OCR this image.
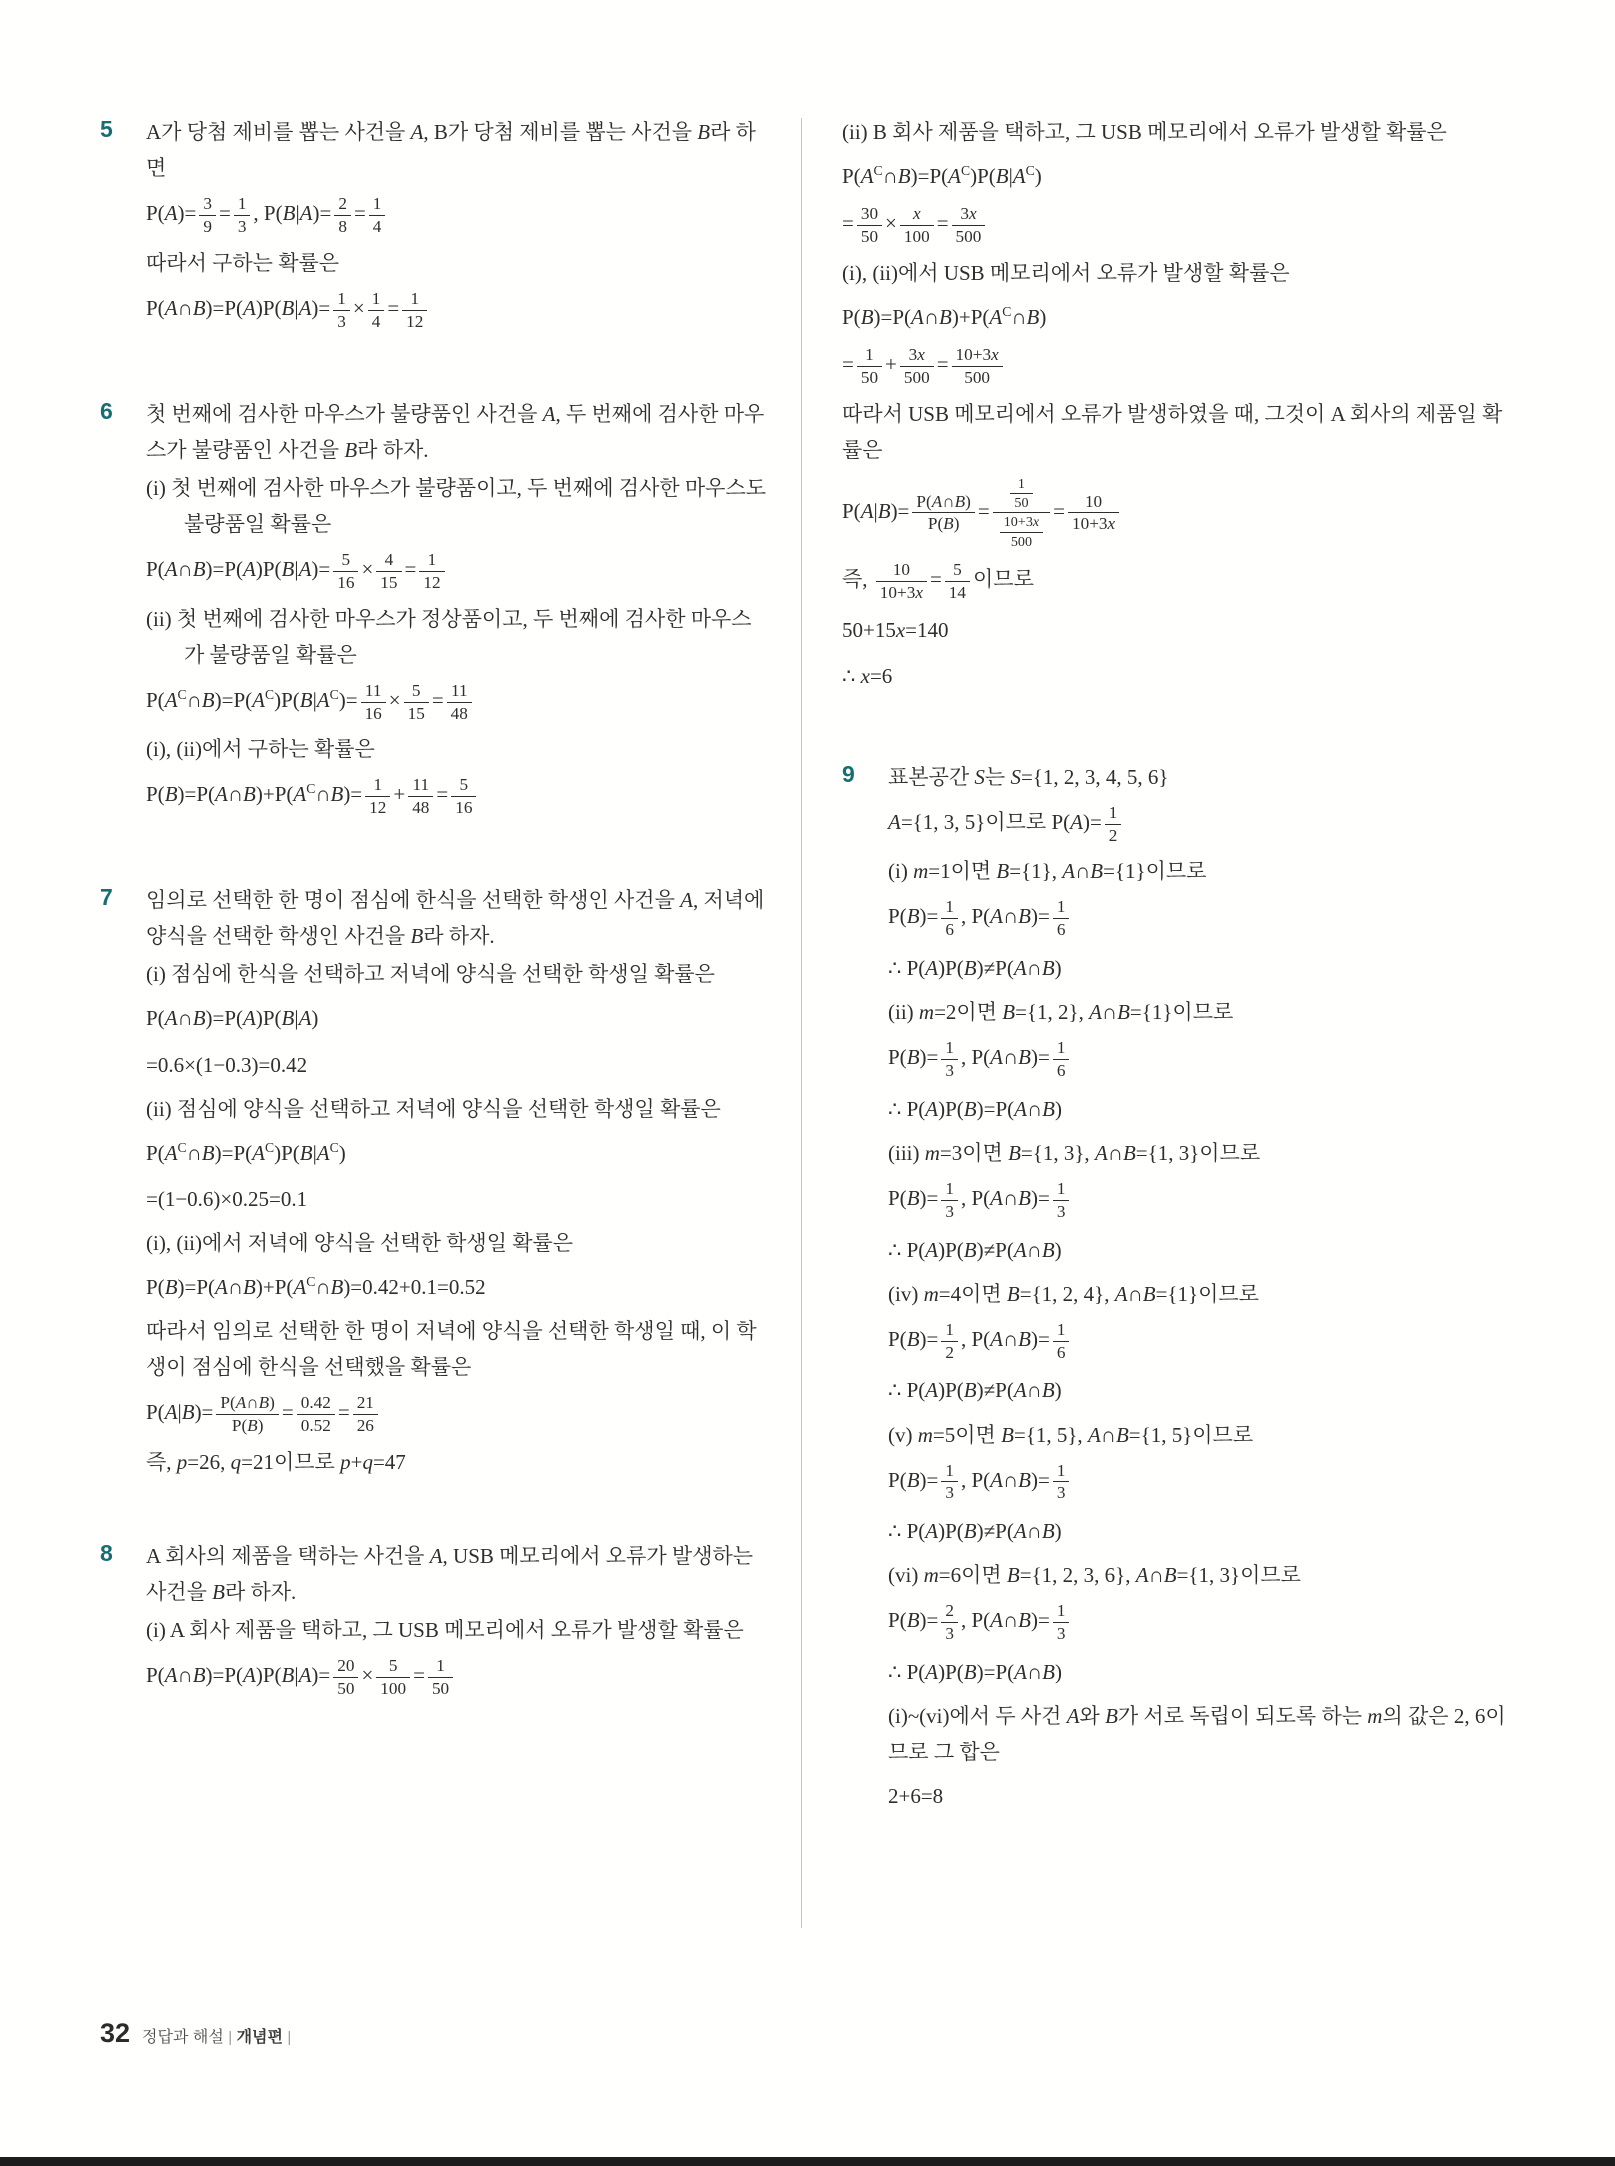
5	A가 당첨 제비를 뽑는 사건을 A, B가 당첨 제비를 뽑는 사건을 B라 하면
$P(A)= \frac{3}{9} = \frac{1}{3}$ , $P(B|A)= \frac{2}{8} = \frac{1}{4}$
따라서 구하는 확률은
P(A∩B)=P(A)P(B|A)= $\frac{1}{3} \times \frac{1}{4} = \frac{1}{12}$
6	첫 번째에 검사한 마우스가 불량품인 사건을 A, 두 번째에 검사한 마우스가 불량품인 사건을 B라 하자.
(i) 첫 번째에 검사한 마우스가 불량품이고, 두 번째에 검사한 마우스도 불량품일 확률은
P(A∩B)=P(A)P(B|A)= $\frac{5}{16} \times \frac{4}{15} = \frac{1}{12}$
(ii) 첫 번째에 검사한 마우스가 정상품이고, 두 번째에 검사한 마우스가 불량품일 확률은
$P(A^C\cap B)=P(A^C)P(B|A^C)= \frac{11}{16} \times \frac{5}{15} = \frac{11}{48}$
(i), (ii)에서 구하는 확률은
$P(B)=P(A\cap B)+P(A^C\cap B)= \frac{1}{12} + \frac{11}{48} = \frac{5}{16}$
7	임의로 선택한 한 명이 점심에 한식을 선택한 학생인 사건을 A, 저녁에 양식을 선택한 학생인 사건을 B라 하자.
(i) 점심에 한식을 선택하고 저녁에 양식을 선택한 학생일 확률은
P(A∩B)=P(A)P(B|A)
=0.6×(1−0.3)=0.42
(ii) 점심에 양식을 선택하고 저녁에 양식을 선택한 학생일 확률은
$P(A^C\cap B)=P(A^C)P(B|A^C)$
=(1−0.6)×0.25=0.1
(i), (ii)에서 저녁에 양식을 선택한 학생일 확률은
$P(B)=P(A\cap B)+P(A^C\cap B)=0.42+0.1=0.52$
따라서 임의로 선택한 한 명이 저녁에 양식을 선택한 학생일 때, 이 학생이 점심에 한식을 선택했을 확률은
$P(A|B)= \frac{P(A\cap B)}{P(B)} = \frac{0.42}{0.52} = \frac{21}{26}$
즉, p=26, q=21이므로 p+q=47
8	A 회사의 제품을 택하는 사건을 A, USB 메모리에서 오류가 발생하는 사건을 B라 하자.
(i) A 회사 제품을 택하고, 그 USB 메모리에서 오류가 발생할 확률은
P(A∩B)=P(A)P(B|A)= $\frac{20}{50} \times \frac{5}{100} = \frac{1}{50}$
(ii) B 회사 제품을 택하고, 그 USB 메모리에서 오류가 발생할 확률은
$P(A^C\cap B)=P(A^C)P(B|A^C)$
= $\frac{30}{50} \times \frac{x}{100} = \frac{3x}{500}$
(i), (ii)에서 USB 메모리에서 오류가 발생할 확률은
$P(B)=P(A\cap B)+P(A^C\cap B)$
= $\frac{1}{50} + \frac{3x}{500} = \frac{10+3x}{500}$
따라서 USB 메모리에서 오류가 발생하였을 때, 그것이 A 회사의 제품일 확률은
$P(A|B)= \frac{P(A\cap B)}{P(B)} = \frac{\frac{1}{50}}{\frac{10+3x}{500}} = \frac{10}{10+3x}$
즉, $\frac{10}{10+3x} = \frac{5}{14}$ 이므로
50+15x=140
∴ x=6
9	표본공간 S는 S={1, 2, 3, 4, 5, 6}
A={1, 3, 5}이므로 $P(A)= \frac{1}{2}$
(i) m=1이면 B={1}, A∩B={1}이므로
$P(B)= \frac{1}{6}$ , P(A∩B)= $\frac{1}{6}$
∴ P(A)P(B)≠P(A∩B)
(ii) m=2이면 B={1, 2}, A∩B={1}이므로
$P(B)= \frac{1}{3}$ , P(A∩B)= $\frac{1}{6}$
∴ P(A)P(B)=P(A∩B)
(iii) m=3이면 B={1, 3}, A∩B={1, 3}이므로
$P(B)= \frac{1}{3}$ , P(A∩B)= $\frac{1}{3}$
∴ P(A)P(B)≠P(A∩B)
(iv) m=4이면 B={1, 2, 4}, A∩B={1}이므로
$P(B)= \frac{1}{2}$ , P(A∩B)= $\frac{1}{6}$
∴ P(A)P(B)≠P(A∩B)
(v) m=5이면 B={1, 5}, A∩B={1, 5}이므로
$P(B)= \frac{1}{3}$ , P(A∩B)= $\frac{1}{3}$
∴ P(A)P(B)≠P(A∩B)
(vi) m=6이면 B={1, 2, 3, 6}, A∩B={1, 3}이므로
$P(B)= \frac{2}{3}$ , P(A∩B)= $\frac{1}{3}$
∴ P(A)P(B)=P(A∩B)
(i)~(vi)에서 두 사건 A와 B가 서로 독립이 되도록 하는 m의 값은 2, 6이므로 그 합은
2+6=8
32 정답과 해설 | 개념편 |
